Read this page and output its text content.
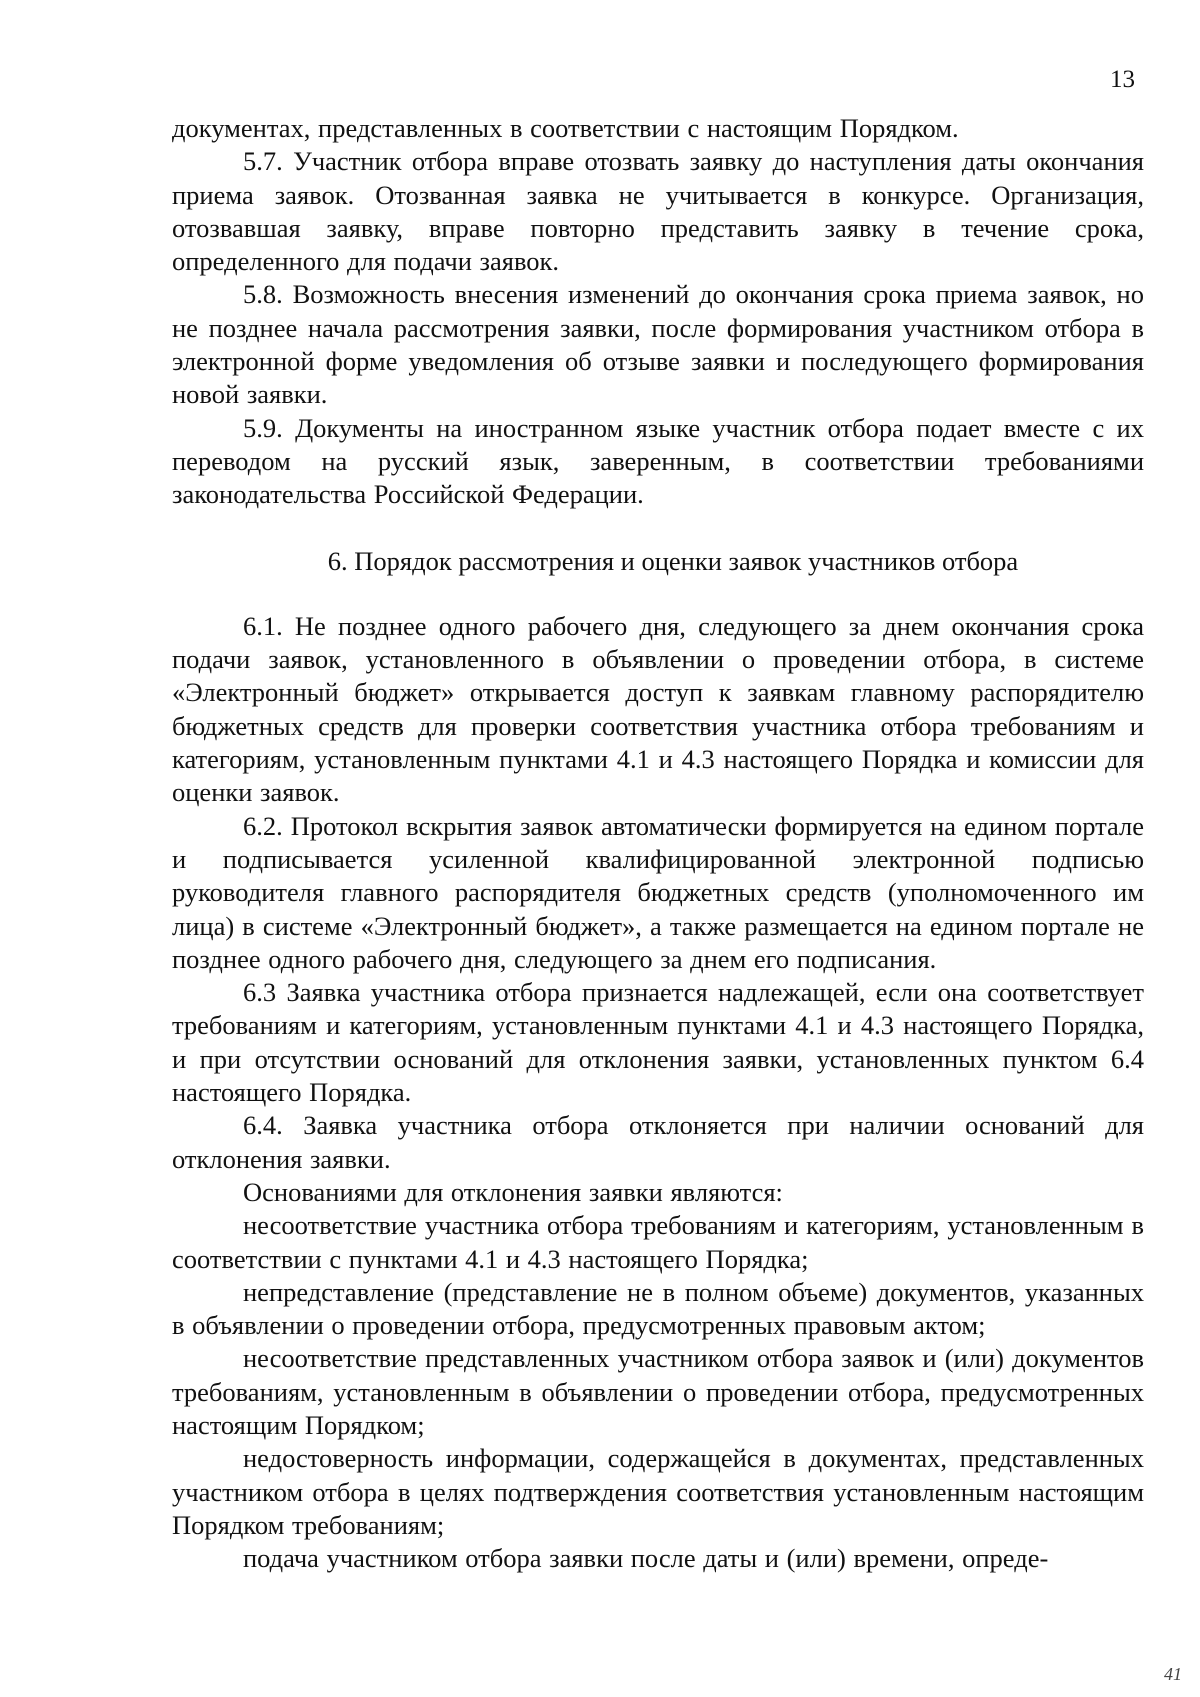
13

документах, представленных в соответствии с настоящим Порядком.

5.7. Участник отбора вправе отозвать заявку до наступления даты окончания приема заявок. Отозванная заявка не учитывается в конкурсе. Организация, отозвавшая заявку, вправе повторно представить заявку в течение срока, определенного для подачи заявок.

5.8. Возможность внесения изменений до окончания срока приема заявок, но не позднее начала рассмотрения заявки, после формирования участником отбора в электронной форме уведомления об отзыве заявки и последующего формирования новой заявки.

5.9. Документы на иностранном языке участник отбора подает вместе с их переводом на русский язык, заверенным, в соответствии требованиями законодательства Российской Федерации.

6. Порядок рассмотрения и оценки заявок участников отбора

6.1. Не позднее одного рабочего дня, следующего за днем окончания срока подачи заявок, установленного в объявлении о проведении отбора, в системе «Электронный бюджет» открывается доступ к заявкам главному распорядителю бюджетных средств для проверки соответствия участника отбора требованиям и категориям, установленным пунктами 4.1 и 4.3 настоящего Порядка и комиссии для оценки заявок.

6.2. Протокол вскрытия заявок автоматически формируется на едином портале и подписывается усиленной квалифицированной электронной подписью руководителя главного распорядителя бюджетных средств (уполномоченного им лица) в системе «Электронный бюджет», а также размещается на едином портале не позднее одного рабочего дня, следующего за днем его подписания.

6.3 Заявка участника отбора признается надлежащей, если она соответствует требованиям и категориям, установленным пунктами 4.1 и 4.3 настоящего Порядка, и при отсутствии оснований для отклонения заявки, установленных пунктом 6.4 настоящего Порядка.

6.4. Заявка участника отбора отклоняется при наличии оснований для отклонения заявки.

Основаниями для отклонения заявки являются:

несоответствие участника отбора требованиям и категориям, установленным в соответствии с пунктами 4.1 и 4.3 настоящего Порядка;

непредставление (представление не в полном объеме) документов, указанных в объявлении о проведении отбора, предусмотренных правовым актом;

несоответствие представленных участником отбора заявок и (или) документов требованиям, установленным в объявлении о проведении отбора, предусмотренных настоящим Порядком;

недостоверность информации, содержащейся в документах, представленных участником отбора в целях подтверждения соответствия установленным настоящим Порядком требованиям;

подача участником отбора заявки после даты и (или) времени, опреде-

41
